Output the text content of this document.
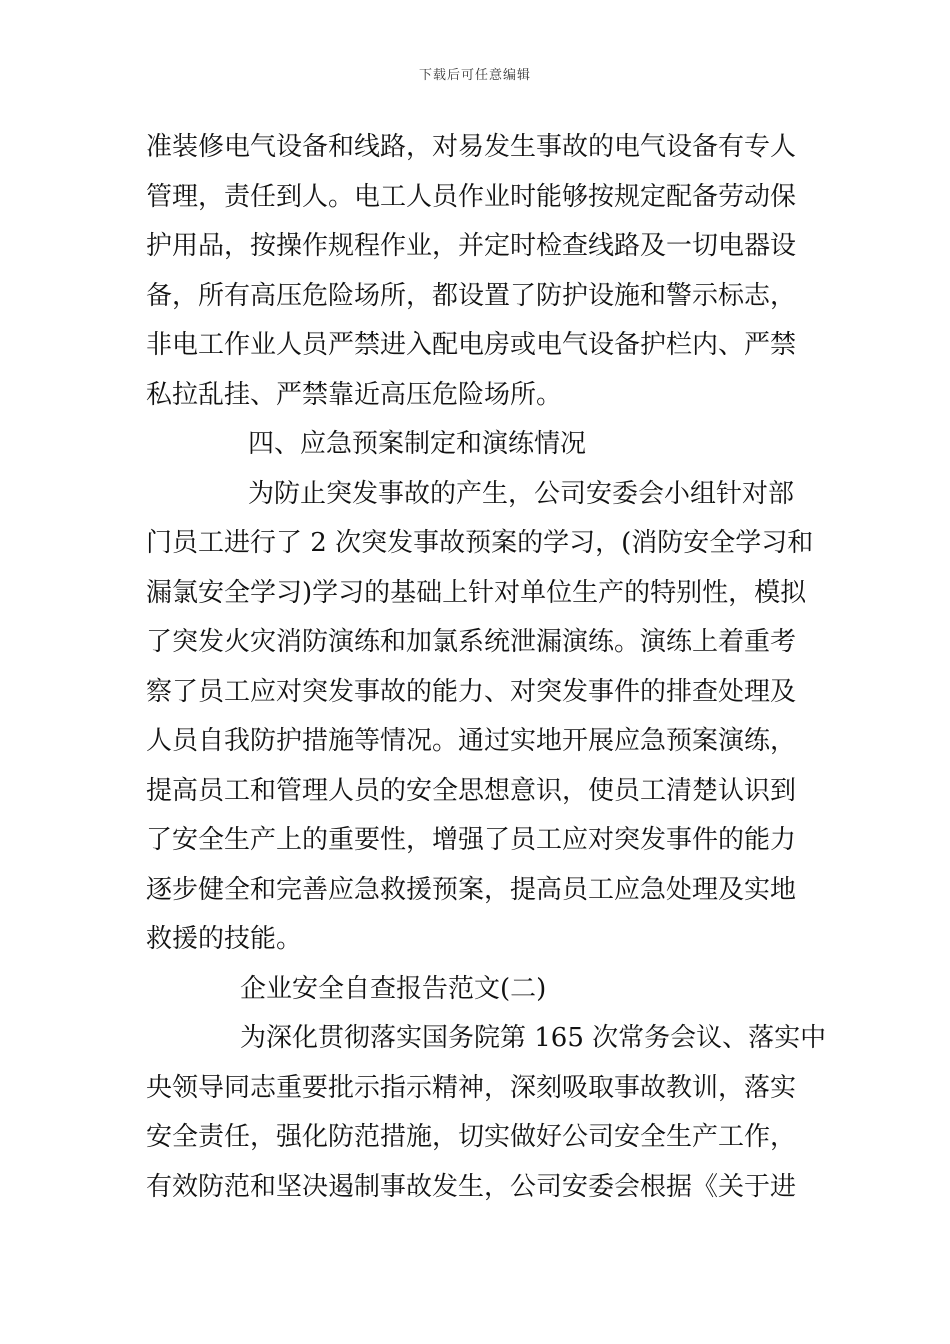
下载后可任意编辑
准装修电气设备和线路，对易发生事故的电气设备有专人
管理，责任到人。电工人员作业时能够按规定配备劳动保
护用品，按操作规程作业，并定时检查线路及一切电器设
备，所有高压危险场所，都设置了防护设施和警示标志，
非电工作业人员严禁进入配电房或电气设备护栏内、严禁
私拉乱挂、严禁靠近高压危险场所。
四、应急预案制定和演练情况
为防止突发事故的产生，公司安委会小组针对部
门员工进行了 2 次突发事故预案的学习，(消防安全学习和
漏氯安全学习)学习的基础上针对单位生产的特别性，模拟
了突发火灾消防演练和加氯系统泄漏演练。演练上着重考
察了员工应对突发事故的能力、对突发事件的排查处理及
人员自我防护措施等情况。通过实地开展应急预案演练，
提高员工和管理人员的安全思想意识，使员工清楚认识到
了安全生产上的重要性，增强了员工应对突发事件的能力
逐步健全和完善应急救援预案，提高员工应急处理及实地
救援的技能。
企业安全自查报告范文(二)
为深化贯彻落实国务院第 165 次常务会议、落实中
央领导同志重要批示指示精神，深刻吸取事故教训，落实
安全责任，强化防范措施，切实做好公司安全生产工作，
有效防范和坚决遏制事故发生，公司安委会根据《关于进
